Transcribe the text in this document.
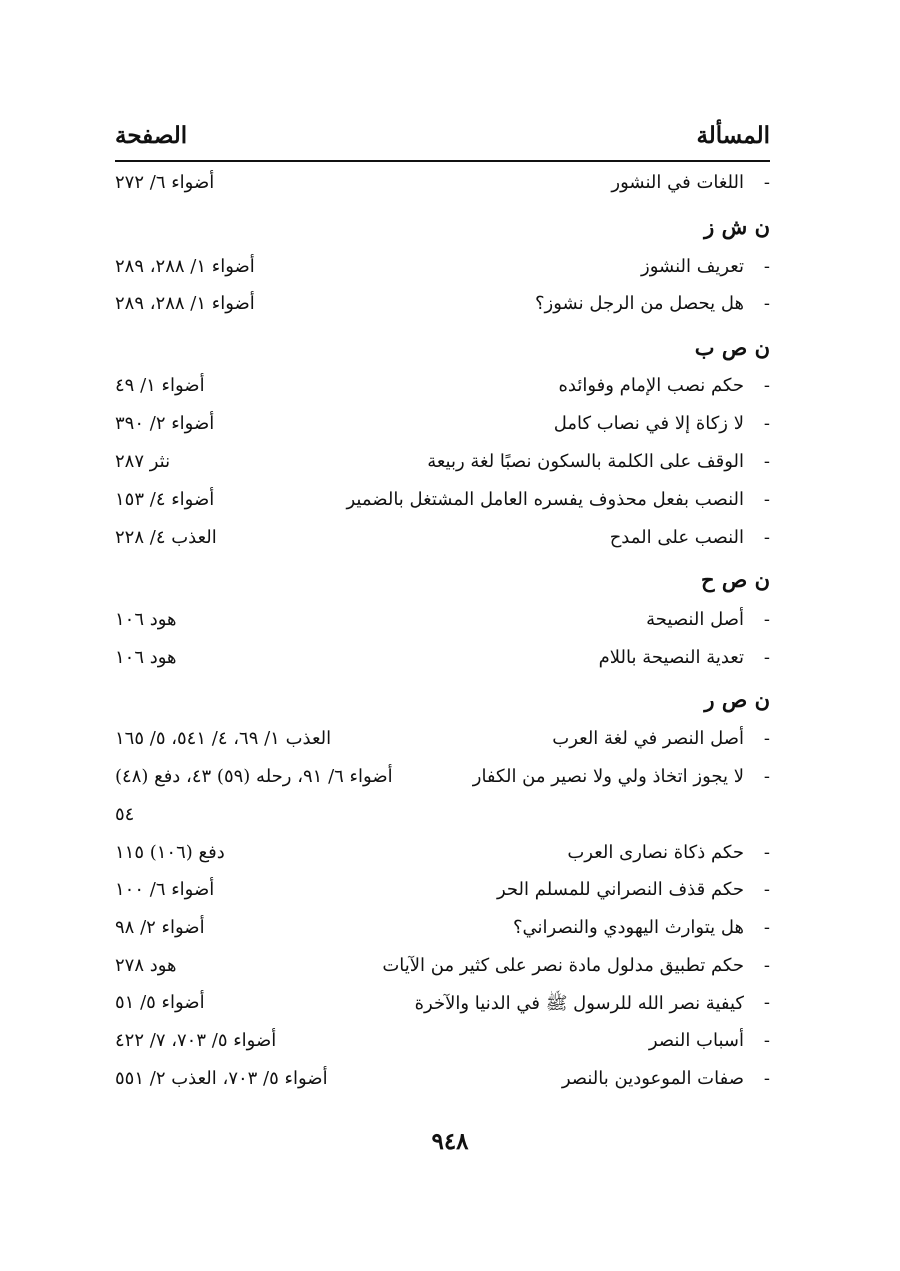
المسألة
الصفحة
-
اللغات في النشور
أضواء ٦/ ٢٧٢
ن ش ز
-
تعريف النشوز
أضواء ١/ ٢٨٨، ٢٨٩
-
هل يحصل من الرجل نشوز؟
أضواء ١/ ٢٨٨، ٢٨٩
ن ص ب
-
حكم نصب الإمام وفوائده
أضواء ١/ ٤٩
-
لا زكاة إلا في نصاب كامل
أضواء ٢/ ٣٩٠
-
الوقف على الكلمة بالسكون نصبًا لغة ربيعة
نثر ٢٨٧
-
النصب بفعل محذوف يفسره العامل المشتغل بالضمير
أضواء ٤/ ١٥٣
-
النصب على المدح
العذب ٤/ ٢٢٨
ن ص ح
-
أصل النصيحة
هود ١٠٦
-
تعدية النصيحة باللام
هود ١٠٦
ن ص ر
-
أصل النصر في لغة العرب
العذب ١/ ٦٩، ٤/ ٥٤١، ٥/ ١٦٥
-
لا يجوز اتخاذ ولي ولا نصير من الكفار
أضواء ٦/ ٩١، رحله (٥٩) ٤٣، دفع (٤٨)
٥٤
-
حكم ذكاة نصارى العرب
دفع (١٠٦) ١١٥
-
حكم قذف النصراني للمسلم الحر
أضواء ٦/ ١٠٠
-
هل يتوارث اليهودي والنصراني؟
أضواء ٢/ ٩٨
-
حكم تطبيق مدلول مادة نصر على كثير من الآيات
هود ٢٧٨
-
كيفية نصر الله للرسول ﷺ في الدنيا والآخرة
أضواء ٥/ ٥١
-
أسباب النصر
أضواء ٥/ ٧٠٣، ٧/ ٤٢٢
-
صفات الموعودين بالنصر
أضواء ٥/ ٧٠٣، العذب ٢/ ٥٥١
٩٤٨
